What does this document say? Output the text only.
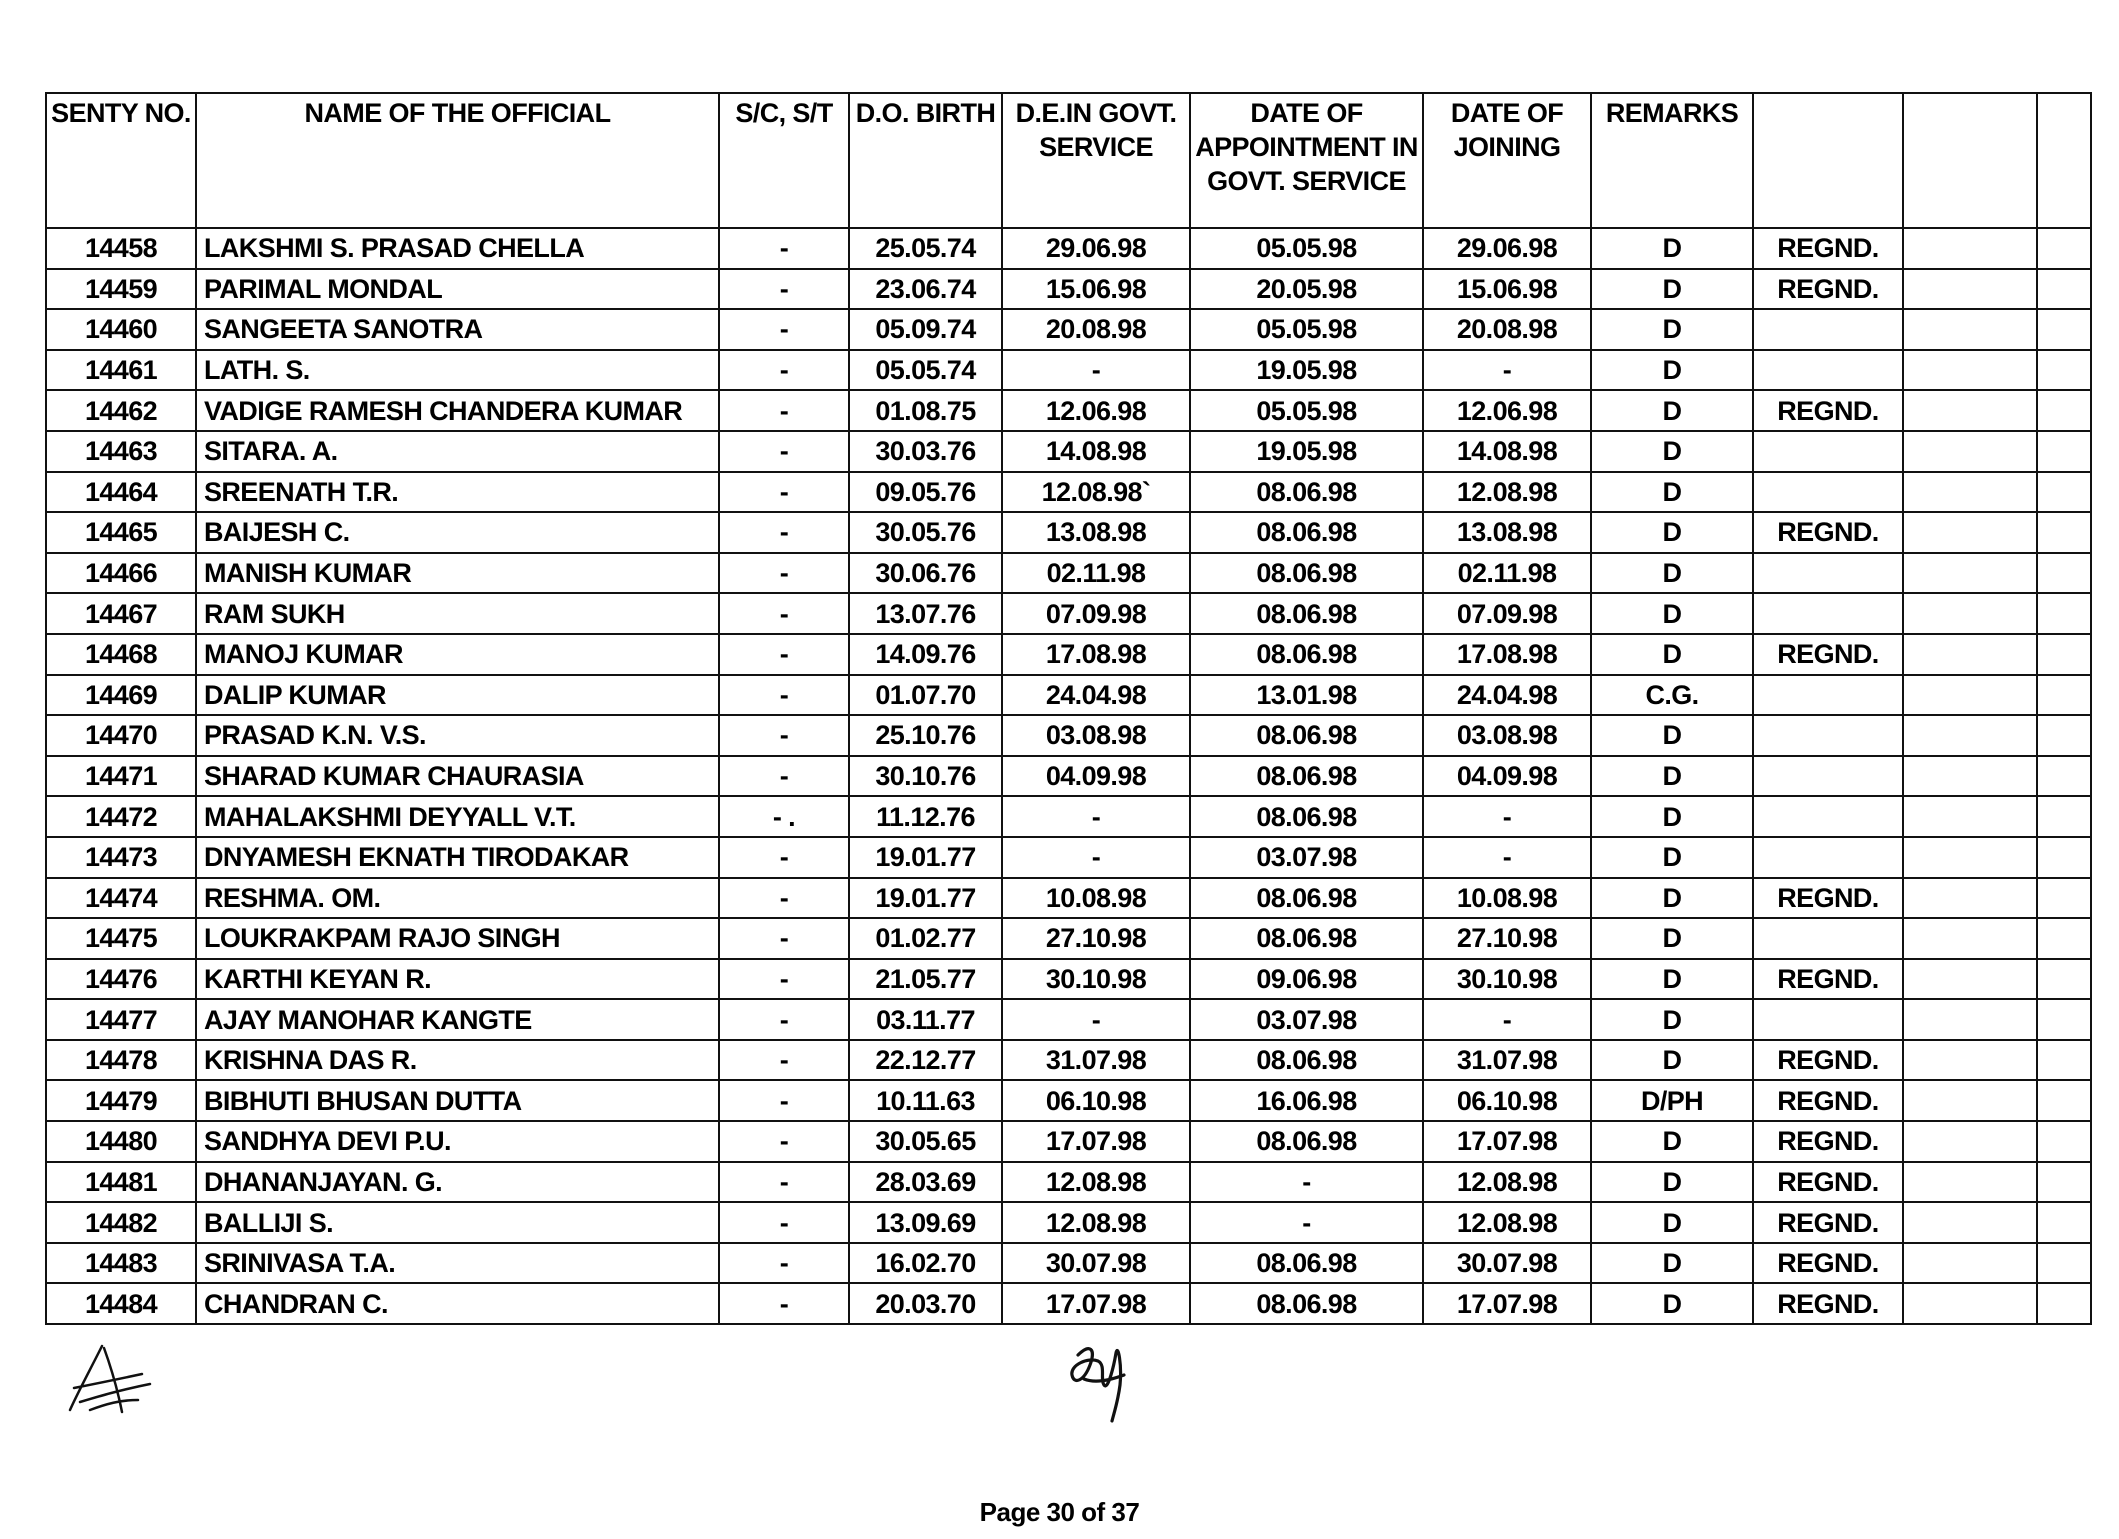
SENTY NO.	NAME OF THE OFFICIAL	S/C, S/T	D.O. BIRTH	D.E.IN GOVT. SERVICE	DATE OF APPOINTMENT IN GOVT. SERVICE	DATE OF JOINING	REMARKS			
14458	LAKSHMI S. PRASAD CHELLA	-	25.05.74	29.06.98	05.05.98	29.06.98	D	REGND.		
14459	PARIMAL MONDAL	-	23.06.74	15.06.98	20.05.98	15.06.98	D	REGND.		
14460	SANGEETA SANOTRA	-	05.09.74	20.08.98	05.05.98	20.08.98	D			
14461	LATH. S.	-	05.05.74	-	19.05.98	-	D			
14462	VADIGE RAMESH CHANDERA KUMAR	-	01.08.75	12.06.98	05.05.98	12.06.98	D	REGND.		
14463	SITARA. A.	-	30.03.76	14.08.98	19.05.98	14.08.98	D			
14464	SREENATH T.R.	-	09.05.76	12.08.98`	08.06.98	12.08.98	D			
14465	BAIJESH C.	-	30.05.76	13.08.98	08.06.98	13.08.98	D	REGND.		
14466	MANISH KUMAR	-	30.06.76	02.11.98	08.06.98	02.11.98	D			
14467	RAM SUKH	-	13.07.76	07.09.98	08.06.98	07.09.98	D			
14468	MANOJ KUMAR	-	14.09.76	17.08.98	08.06.98	17.08.98	D	REGND.		
14469	DALIP KUMAR	-	01.07.70	24.04.98	13.01.98	24.04.98	C.G.			
14470	PRASAD K.N. V.S.	-	25.10.76	03.08.98	08.06.98	03.08.98	D			
14471	SHARAD KUMAR CHAURASIA	-	30.10.76	04.09.98	08.06.98	04.09.98	D			
14472	MAHALAKSHMI DEYYALL V.T.	- .	11.12.76	-	08.06.98	-	D			
14473	DNYAMESH EKNATH TIRODAKAR	-	19.01.77	-	03.07.98	-	D			
14474	RESHMA. OM.	-	19.01.77	10.08.98	08.06.98	10.08.98	D	REGND.		
14475	LOUKRAKPAM RAJO SINGH	-	01.02.77	27.10.98	08.06.98	27.10.98	D			
14476	KARTHI KEYAN R.	-	21.05.77	30.10.98	09.06.98	30.10.98	D	REGND.		
14477	AJAY MANOHAR KANGTE	-	03.11.77	-	03.07.98	-	D			
14478	KRISHNA DAS R.	-	22.12.77	31.07.98	08.06.98	31.07.98	D	REGND.		
14479	BIBHUTI BHUSAN DUTTA	-	10.11.63	06.10.98	16.06.98	06.10.98	D/PH	REGND.		
14480	SANDHYA DEVI P.U.	-	30.05.65	17.07.98	08.06.98	17.07.98	D	REGND.		
14481	DHANANJAYAN. G.	-	28.03.69	12.08.98	-	12.08.98	D	REGND.		
14482	BALLIJI S.	-	13.09.69	12.08.98	-	12.08.98	D	REGND.		
14483	SRINIVASA T.A.	-	16.02.70	30.07.98	08.06.98	30.07.98	D	REGND.		
14484	CHANDRAN C.	-	20.03.70	17.07.98	08.06.98	17.07.98	D	REGND.		
Page 30 of 37
